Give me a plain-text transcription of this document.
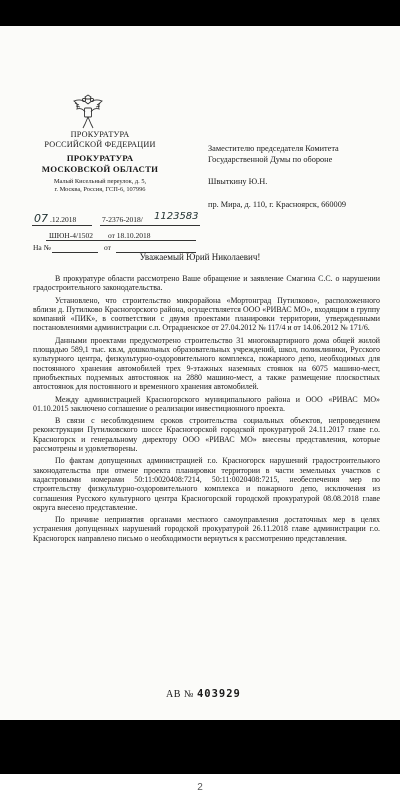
ПРОКУРАТУРА
РОССИЙСКОЙ ФЕДЕРАЦИИ
ПРОКУРАТУРА
МОСКОВСКОЙ ОБЛАСТИ
Малый Кисельный переулок, д. 5,
г. Москва, Россия, ГСП-6, 107996
07 .12.2018	7-2376-2018/ 1123583
ШЮН-4/1502 от 18.10.2018
На №	от
Заместителю председателя Комитета
Государственной Думы по обороне
Швыткину Ю.Н.
пр. Мира, д. 110, г. Красноярск, 660009
Уважаемый Юрий Николаевич!

В прокуратуре области рассмотрено Ваше обращение и заявление Смагина С.С. о нарушении градостроительного законодательства.

Установлено, что строительство микрорайона «Мортонград Путилково», расположенного вблизи д. Путилково Красногорского района, осуществляется ООО «РИВАС МО», входящим в группу компаний «ПИК», в соответствии с двумя проектами планировки территории, утвержденными постановлениями администрации с.п. Отрадненское от 27.04.2012 № 117/4 и от 14.06.2012 № 171/6.

Данными проектами предусмотрено строительство 31 многоквартирного дома общей жилой площадью 589,1 тыс. кв.м, дошкольных образовательных учреждений, школ, поликлиники, Русского культурного центра, физкультурно-оздоровительного комплекса, пожарного депо, необходимых для постоянного хранения автомобилей трех 9-этажных наземных стоянок на 6075 машино-мест, приобъектных подземных автостоянок на 2880 машино-мест, а также размещение плоскостных автостоянок для постоянного и временного хранения автомобилей.

Между администрацией Красногорского муниципального района и ООО «РИВАС МО» 01.10.2015 заключено соглашение о реализации инвестиционного проекта.

В связи с несоблюдением сроков строительства социальных объектов, непроведением реконструкции Путилковского шоссе Красногорской городской прокуратурой 24.11.2017 главе г.о. Красногорск и генеральному директору ООО «РИВАС МО» внесены представления, которые рассмотрены и удовлетворены.

По фактам допущенных администрацией г.о. Красногорск нарушений градостроительного законодательства при отмене проекта планировки территории в части земельных участков с кадастровыми номерами 50:11:0020408:7214, 50:11:0020408:7215, необеспечения мер по строительству физкультурно-оздоровительного комплекса и пожарного депо, исключения из соглашения Русского культурного центра Красногорской городской прокуратурой 08.08.2018 главе округа внесено представление.

По причине непринятия органами местного самоуправления достаточных мер в целях устранения допущенных нарушений городской прокуратурой 26.11.2018 главе администрации г.о. Красногорск направлено письмо о необходимости вернуться к рассмотрению представления.

АВ № 403929
2
